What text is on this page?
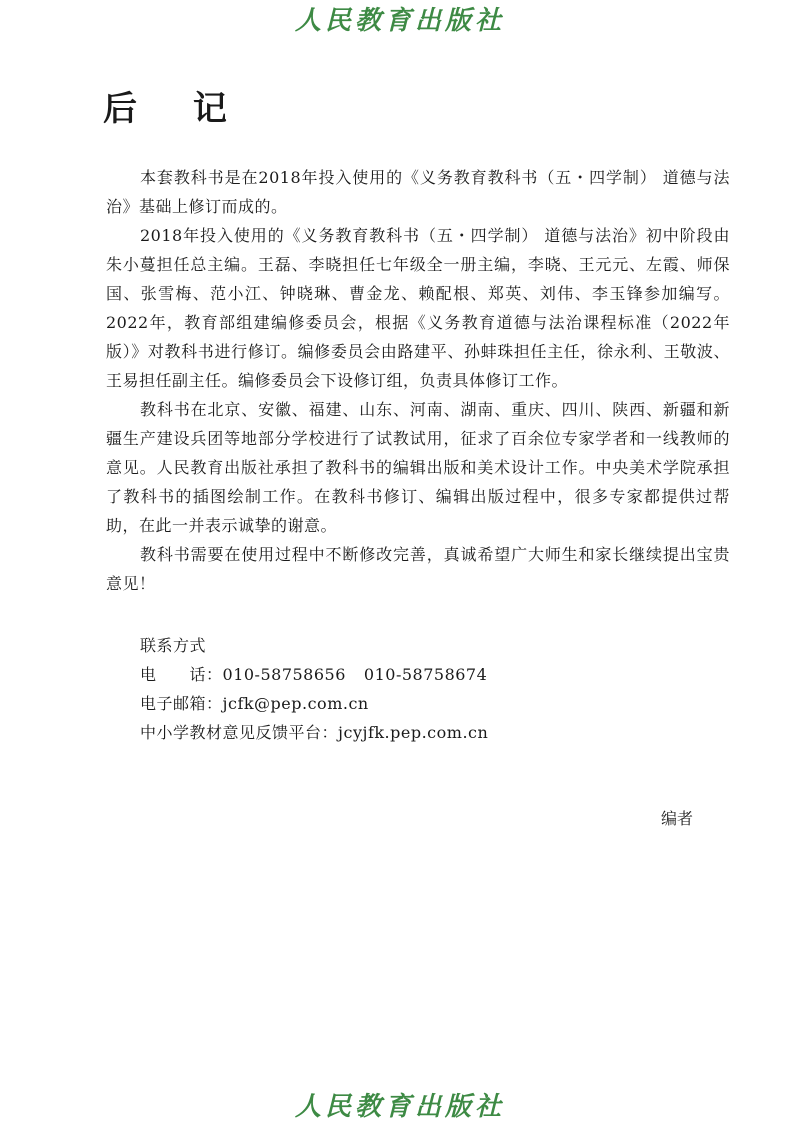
人民教育出版社
后 记

本套教科书是在2018年投入使用的《义务教育教科书（五・四学制） 道德与法治》基础上修订而成的。

2018年投入使用的《义务教育教科书（五・四学制） 道德与法治》初中阶段由朱小蔓担任总主编。王磊、李晓担任七年级全一册主编，李晓、王元元、左霞、师保国、张雪梅、范小江、钟晓琳、曹金龙、赖配根、郑英、刘伟、李玉锋参加编写。2022年，教育部组建编修委员会，根据《义务教育道德与法治课程标准（2022年版）》对教科书进行修订。编修委员会由路建平、孙蚌珠担任主任，徐永利、王敬波、王易担任副主任。编修委员会下设修订组，负责具体修订工作。

教科书在北京、安徽、福建、山东、河南、湖南、重庆、四川、陕西、新疆和新疆生产建设兵团等地部分学校进行了试教试用，征求了百余位专家学者和一线教师的意见。人民教育出版社承担了教科书的编辑出版和美术设计工作。中央美术学院承担了教科书的插图绘制工作。在教科书修订、编辑出版过程中，很多专家都提供过帮助，在此一并表示诚挚的谢意。

教科书需要在使用过程中不断修改完善，真诚希望广大师生和家长继续提出宝贵意见！

联系方式
电　　话：010-58758656 010-58758674
电子邮箱：jcfk@pep.com.cn
中小学教材意见反馈平台：jcyjfk.pep.com.cn
编者
人民教育出版社
